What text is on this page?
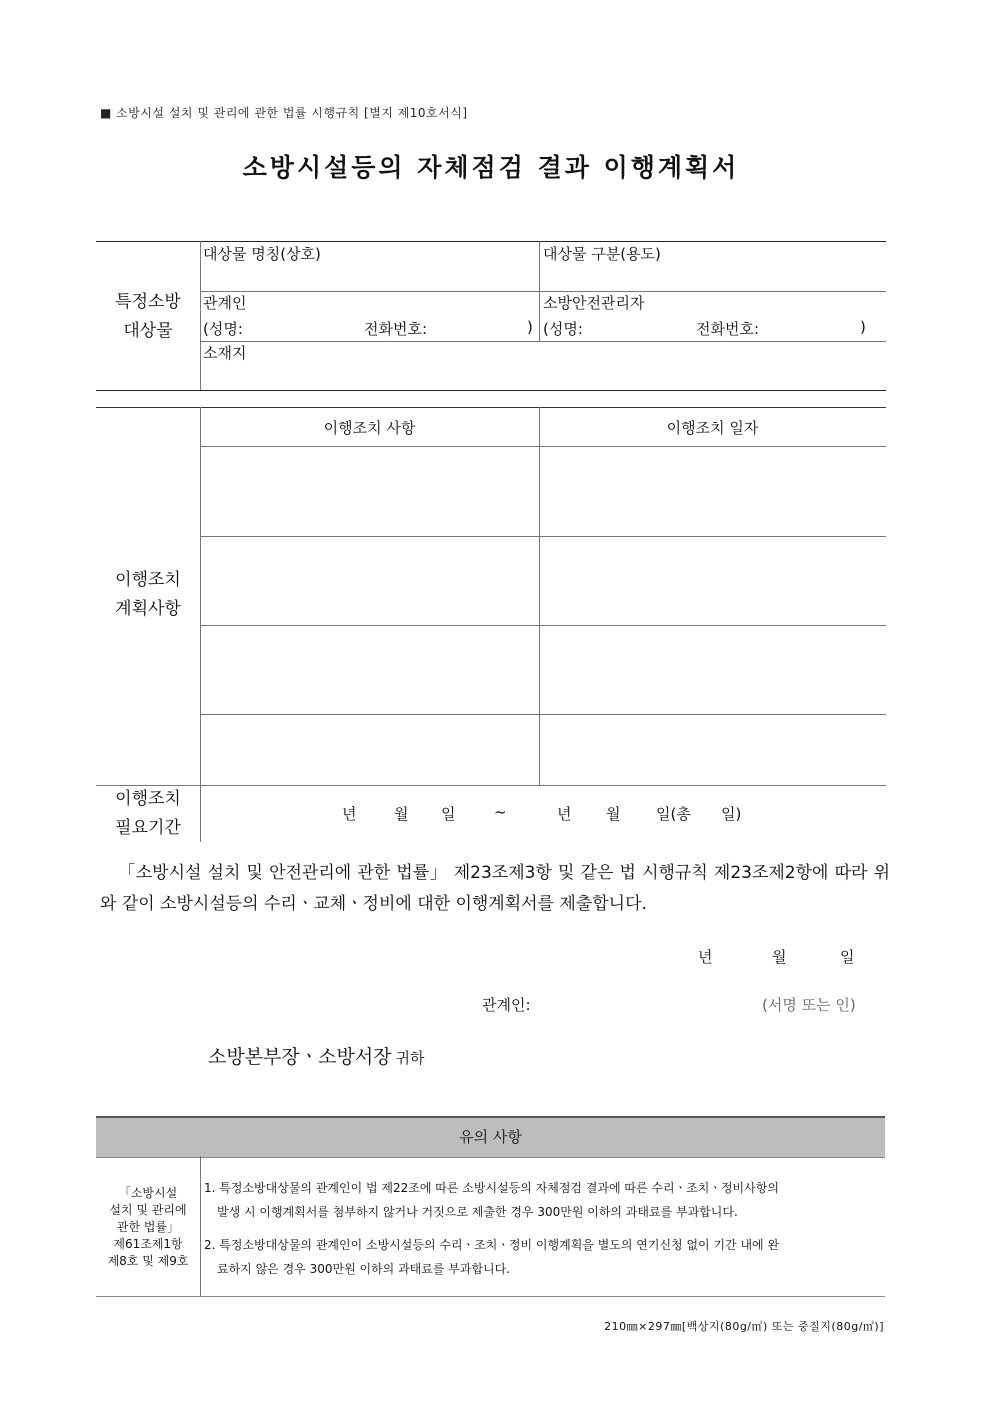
■ 소방시설 설치 및 관리에 관한 법률 시행규칙 [별지 제10호서식]
소방시설등의 자체점검 결과 이행계획서
특정소방
대상물
대상물 명칭(상호)	대상물 구분(용도)
관계인
(성명:	전화번호:	)
소방안전관리자
(성명:	전화번호:	)
소재지
이행조치
계획사항
이행조치 사항	이행조치 일자
이행조치
필요기간
년	월 일	~	년 월 일(총 일)
「소방시설 설치 및 안전관리에 관한 법률」 제23조제3항 및 같은 법 시행규칙 제23조제2항에 따라 위와 같이 소방시설등의 수리ㆍ교체ㆍ정비에 대한 이행계획서를 제출합니다.
년	월	일
관계인:	(서명 또는 인)
소방본부장ㆍ소방서장 귀하
유의 사항
「소방시설
설치 및 관리에
관한 법률」
제61조제1항
제8호 및 제9호
1. 특정소방대상물의 관계인이 법 제22조에 따른 소방시설등의 자체점검 결과에 따른 수리ㆍ조치ㆍ정비사항의
발생 시 이행계획서를 첨부하지 않거나 거짓으로 제출한 경우 300만원 이하의 과태료를 부과합니다.
2. 특정소방대상물의 관계인이 소방시설등의 수리ㆍ조치ㆍ정비 이행계획을 별도의 연기신청 없이 기간 내에 완
료하지 않은 경우 300만원 이하의 과태료를 부과합니다.
210㎜×297㎜[백상지(80g/㎡) 또는 중질지(80g/㎡)]
